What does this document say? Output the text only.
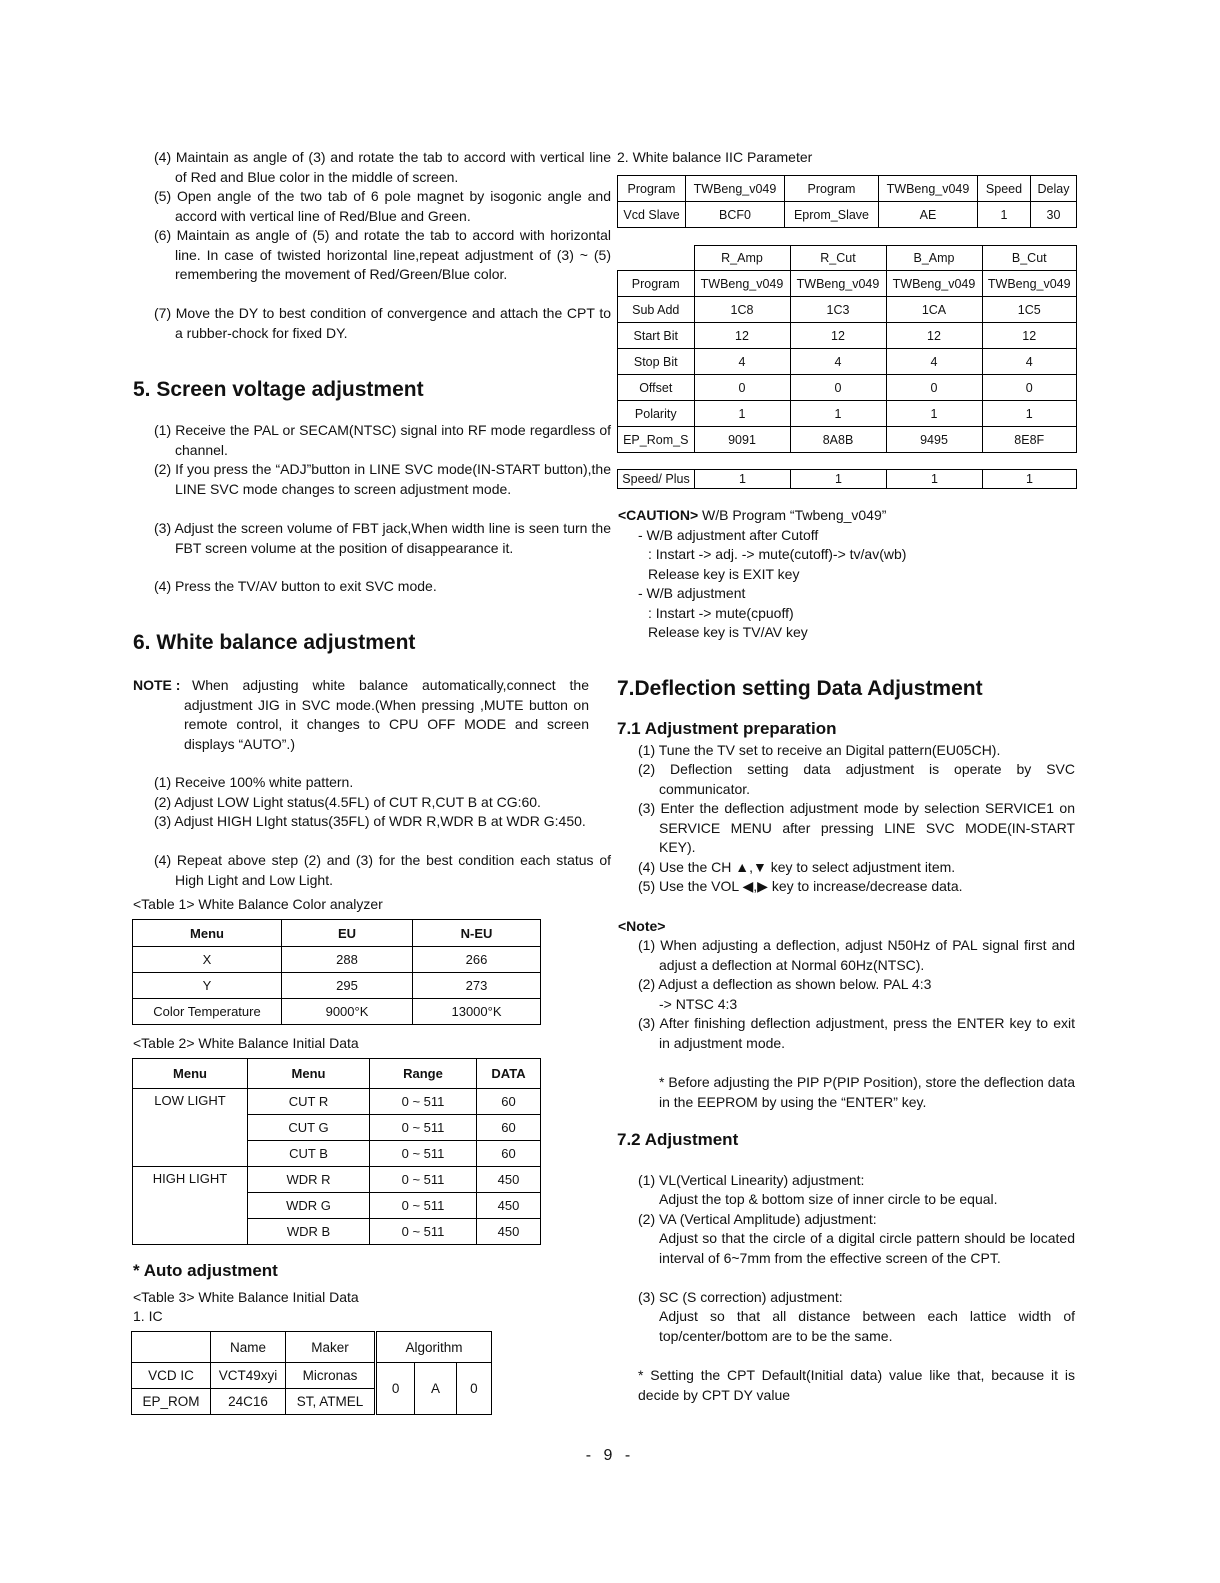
(4) Maintain as angle of (3) and rotate the tab to accord with vertical line of Red and Blue color in the middle of screen.

(5) Open angle of the two tab of 6 pole magnet by isogonic angle and accord with vertical line of Red/Blue and Green.

(6) Maintain as angle of (5) and rotate the tab to accord with horizontal line. In case of twisted horizontal line,repeat adjustment of (3) ~ (5) remembering the movement of Red/Green/Blue color.

(7) Move the DY to best condition of convergence and attach the CPT to a rubber-chock for fixed DY.

5. Screen voltage adjustment

(1) Receive the PAL or SECAM(NTSC) signal into RF mode regardless of channel.

(2) If you press the “ADJ”button in LINE SVC mode(IN-START button),the LINE SVC mode changes to screen adjustment mode.

(3) Adjust the screen volume of FBT jack,When width line is seen turn the FBT screen volume at the position of disappearance it.

(4) Press the TV/AV button to exit SVC mode.

6. White balance adjustment
NOTE : When adjusting white balance automatically,connect the adjustment JIG in SVC mode.(When pressing ,MUTE button on remote control, it changes to CPU OFF MODE and screen displays “AUTO”.)

(1) Receive 100% white pattern.

(2) Adjust LOW Light status(4.5FL) of CUT R,CUT B at CG:60.

(3) Adjust HIGH LIght status(35FL) of WDR R,WDR B at WDR G:450.

(4) Repeat above step (2) and (3) for the best condition each status of High Light and Low Light.

<Table 1> White Balance Color analyzer

Menu	EU	N-EU
X	288	266
Y	295	273
Color Temperature	9000°K	13000°K

<Table 2> White Balance Initial Data

Menu	Menu	Range	DATA
LOW LIGHT	CUT R	0 ~ 511	60
	CUT G	0 ~ 511	60
	CUT B	0 ~ 511	60
HIGH LIGHT	WDR R	0 ~ 511	450
	WDR G	0 ~ 511	450
	WDR B	0 ~ 511	450
* Auto adjustment

<Table 3> White Balance Initial Data

1. IC

	Name	Maker	Algorithm		
VCD IC	VCT49xyi	Micronas	0	A	0
EP_ROM	24C16	ST, ATMEL			

2. White balance IIC Parameter

Program	TWBeng_v049	Program	TWBeng_v049	Speed	Delay
Vcd Slave	BCF0	Eprom_Slave	AE	1	30
	R_Amp	R_Cut	B_Amp	B_Cut
Program	TWBeng_v049	TWBeng_v049	TWBeng_v049	TWBeng_v049
Sub Add	1C8	1C3	1CA	1C5
Start Bit	12	12	12	12
Stop Bit	4	4	4	4
Offset	0	0	0	0
Polarity	1	1	1	1
EP_Rom_S	9091	8A8B	9495	8E8F
Speed/ Plus	1	1	1	1

<CAUTION> W/B Program “Twbeng_v049”

- W/B adjustment after Cutoff

: Instart -> adj. -> mute(cutoff)-> tv/av(wb)

Release key is EXIT key

- W/B adjustment

: Instart -> mute(cpuoff)

Release key is TV/AV key

7.Deflection setting Data Adjustment
7.1 Adjustment preparation

(1) Tune the TV set to receive an Digital pattern(EU05CH).

(2) Deflection setting data adjustment is operate by SVC communicator.

(3) Enter the deflection adjustment mode by selection SERVICE1 on SERVICE MENU after pressing LINE SVC MODE(IN-START KEY).

(4) Use the CH ▲,▼ key to select adjustment item.

(5) Use the VOL ◀,▶ key to increase/decrease data.

<Note>

(1) When adjusting a deflection, adjust N50Hz of PAL signal first and adjust a deflection at Normal 60Hz(NTSC).

(2) Adjust a deflection as shown below. PAL 4:3 -> NTSC 4:3

(3) After finishing deflection adjustment, press the ENTER key to exit in adjustment mode.

* Before adjusting the PIP P(PIP Position), store the deflection data in the EEPROM by using the “ENTER” key.

7.2 Adjustment

(1) VL(Vertical Linearity) adjustment:

Adjust the top & bottom size of inner circle to be equal.

(2) VA (Vertical Amplitude) adjustment:

Adjust so that the circle of a digital circle pattern should be located interval of 6~7mm from the effective screen of the CPT.

(3) SC (S correction) adjustment:

Adjust so that all distance between each lattice width of top/center/bottom are to be the same.

* Setting the CPT Default(Initial data) value like that, because it is decide by CPT DY value

- 9 -
